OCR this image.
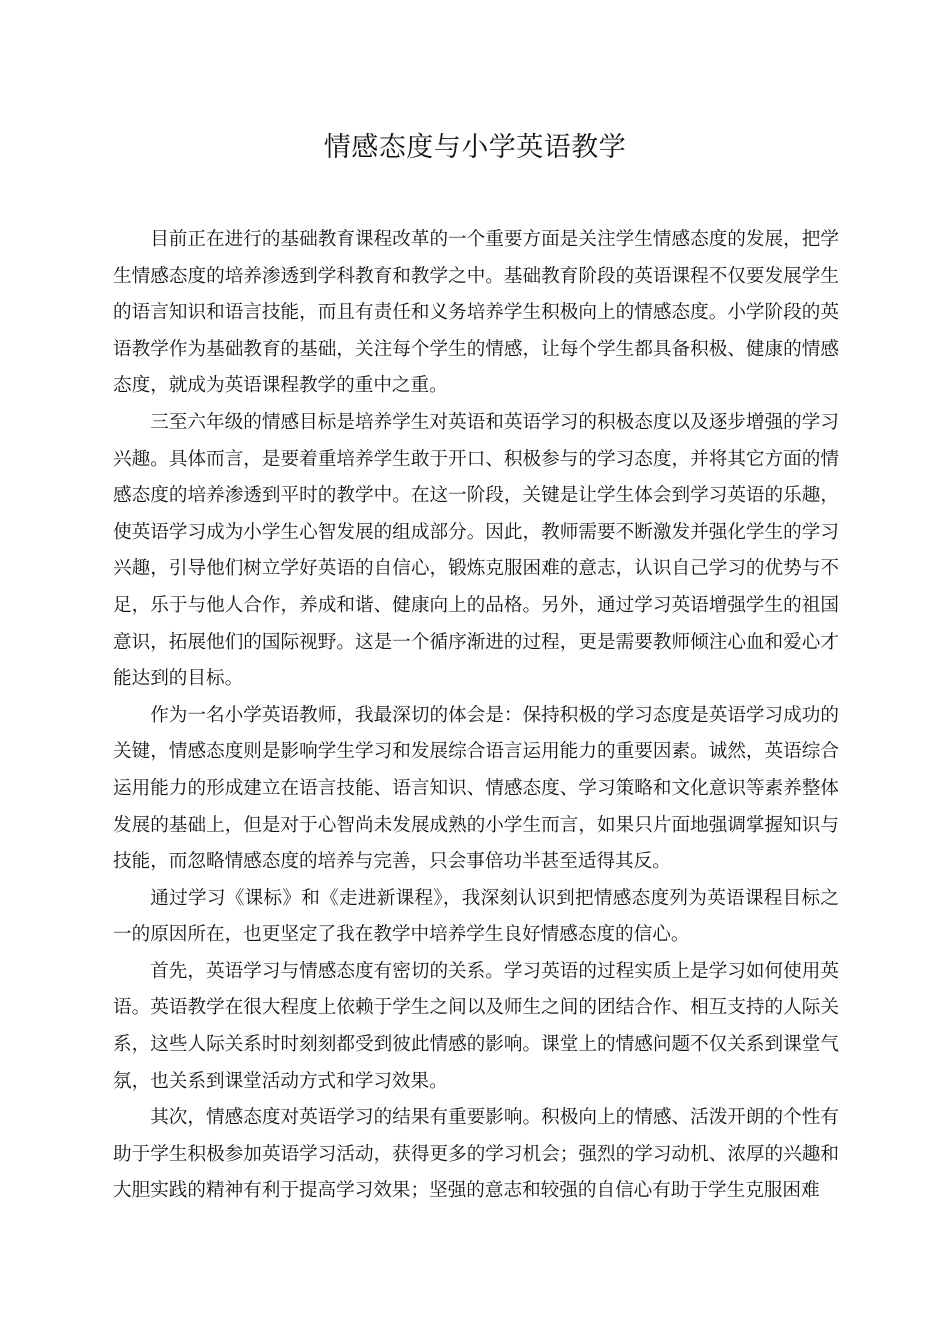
情感态度与小学英语教学

目前正在进行的基础教育课程改革的一个重要方面是关注学生情感态度的发展，把学生情感态度的培养渗透到学科教育和教学之中。基础教育阶段的英语课程不仅要发展学生的语言知识和语言技能，而且有责任和义务培养学生积极向上的情感态度。小学阶段的英语教学作为基础教育的基础，关注每个学生的情感，让每个学生都具备积极、健康的情感态度，就成为英语课程教学的重中之重。

三至六年级的情感目标是培养学生对英语和英语学习的积极态度以及逐步增强的学习兴趣。具体而言，是要着重培养学生敢于开口、积极参与的学习态度，并将其它方面的情感态度的培养渗透到平时的教学中。在这一阶段，关键是让学生体会到学习英语的乐趣，使英语学习成为小学生心智发展的组成部分。因此，教师需要不断激发并强化学生的学习兴趣，引导他们树立学好英语的自信心，锻炼克服困难的意志，认识自己学习的优势与不足，乐于与他人合作，养成和谐、健康向上的品格。另外，通过学习英语增强学生的祖国意识，拓展他们的国际视野。这是一个循序渐进的过程，更是需要教师倾注心血和爱心才能达到的目标。

作为一名小学英语教师，我最深切的体会是：保持积极的学习态度是英语学习成功的关键，情感态度则是影响学生学习和发展综合语言运用能力的重要因素。诚然，英语综合运用能力的形成建立在语言技能、语言知识、情感态度、学习策略和文化意识等素养整体发展的基础上，但是对于心智尚未发展成熟的小学生而言，如果只片面地强调掌握知识与技能，而忽略情感态度的培养与完善，只会事倍功半甚至适得其反。

通过学习《课标》和《走进新课程》，我深刻认识到把情感态度列为英语课程目标之一的原因所在，也更坚定了我在教学中培养学生良好情感态度的信心。

首先，英语学习与情感态度有密切的关系。学习英语的过程实质上是学习如何使用英语。英语教学在很大程度上依赖于学生之间以及师生之间的团结合作、相互支持的人际关系，这些人际关系时时刻刻都受到彼此情感的影响。课堂上的情感问题不仅关系到课堂气氛，也关系到课堂活动方式和学习效果。

其次，情感态度对英语学习的结果有重要影响。积极向上的情感、活泼开朗的个性有助于学生积极参加英语学习活动，获得更多的学习机会；强烈的学习动机、浓厚的兴趣和大胆实践的精神有利于提高学习效果；坚强的意志和较强的自信心有助于学生克服困难
